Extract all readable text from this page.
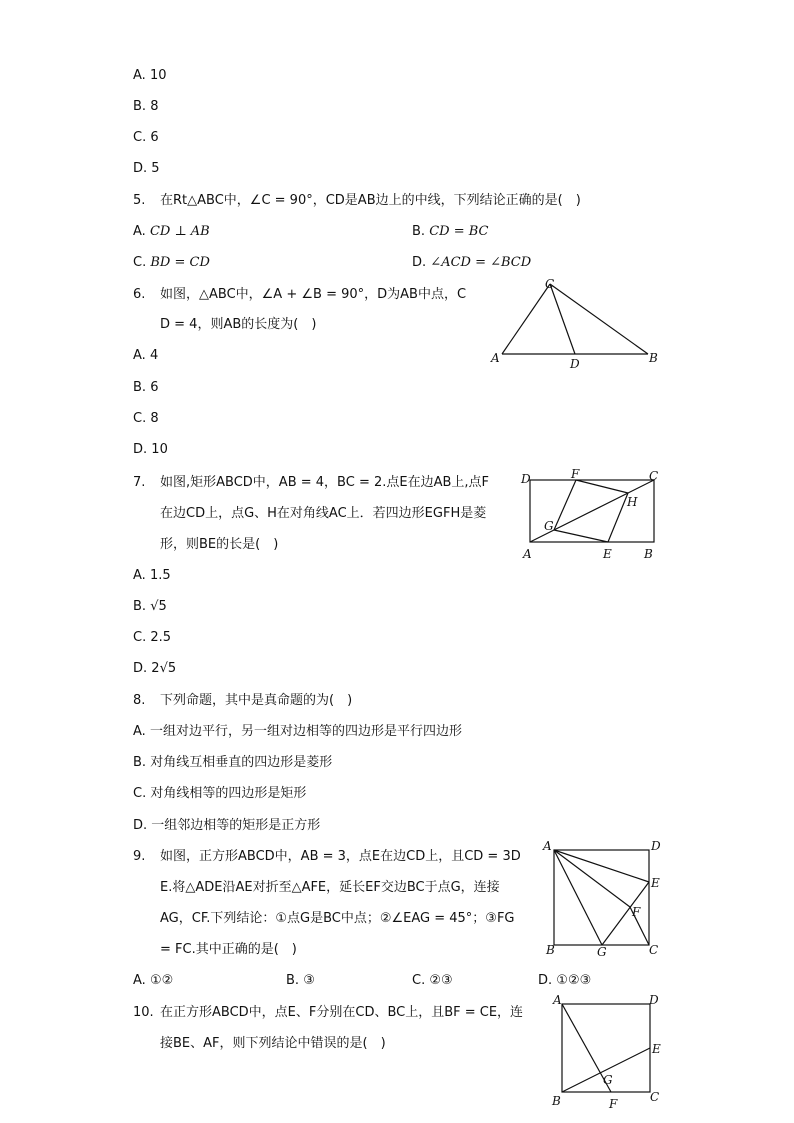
A. 10
B. 8
C. 6
D. 5
5. 在Rt△ABC中，∠C = 90°，CD是AB边上的中线，下列结论正确的是(　)
A. CD ⊥ AB	B. CD = BC
C. BD = CD	D. ∠ACD = ∠BCD
6. 如图，△ABC中，∠A + ∠B = 90°，D为AB中点，C
D = 4，则AB的长度为(　)
A. 4
B. 6
C. 8
D. 10
C
A	D	B
7. 如图,矩形ABCD中，AB = 4，BC = 2.点E在边AB上,点F
在边CD上，点G、H在对角线AC上．若四边形EGFH是菱
形，则BE的长是(　)
A. 1.5
B. √5
C. 2.5
D. 2√5
D	F	C
H
G
A	E	B
8. 下列命题，其中是真命题的为(　)
A. 一组对边平行，另一组对边相等的四边形是平行四边形
B. 对角线互相垂直的四边形是菱形
C. 对角线相等的四边形是矩形
D. 一组邻边相等的矩形是正方形
9. 如图，正方形ABCD中，AB = 3，点E在边CD上，且CD = 3D
E.将△ADE沿AE对折至△AFE，延长EF交边BC于点G，连接
AG，CF.下列结论：①点G是BC中点；②∠EAG = 45°；③FG
= FC.其中正确的是(　)
A. ①②	B. ③	C. ②③	D. ①②③
A	D
E
F
B	G	C
10. 在正方形ABCD中，点E、F分别在CD、BC上，且BF = CE，连
接BE、AF，则下列结论中错误的是(　)
A	D
E
G
B	F	C
